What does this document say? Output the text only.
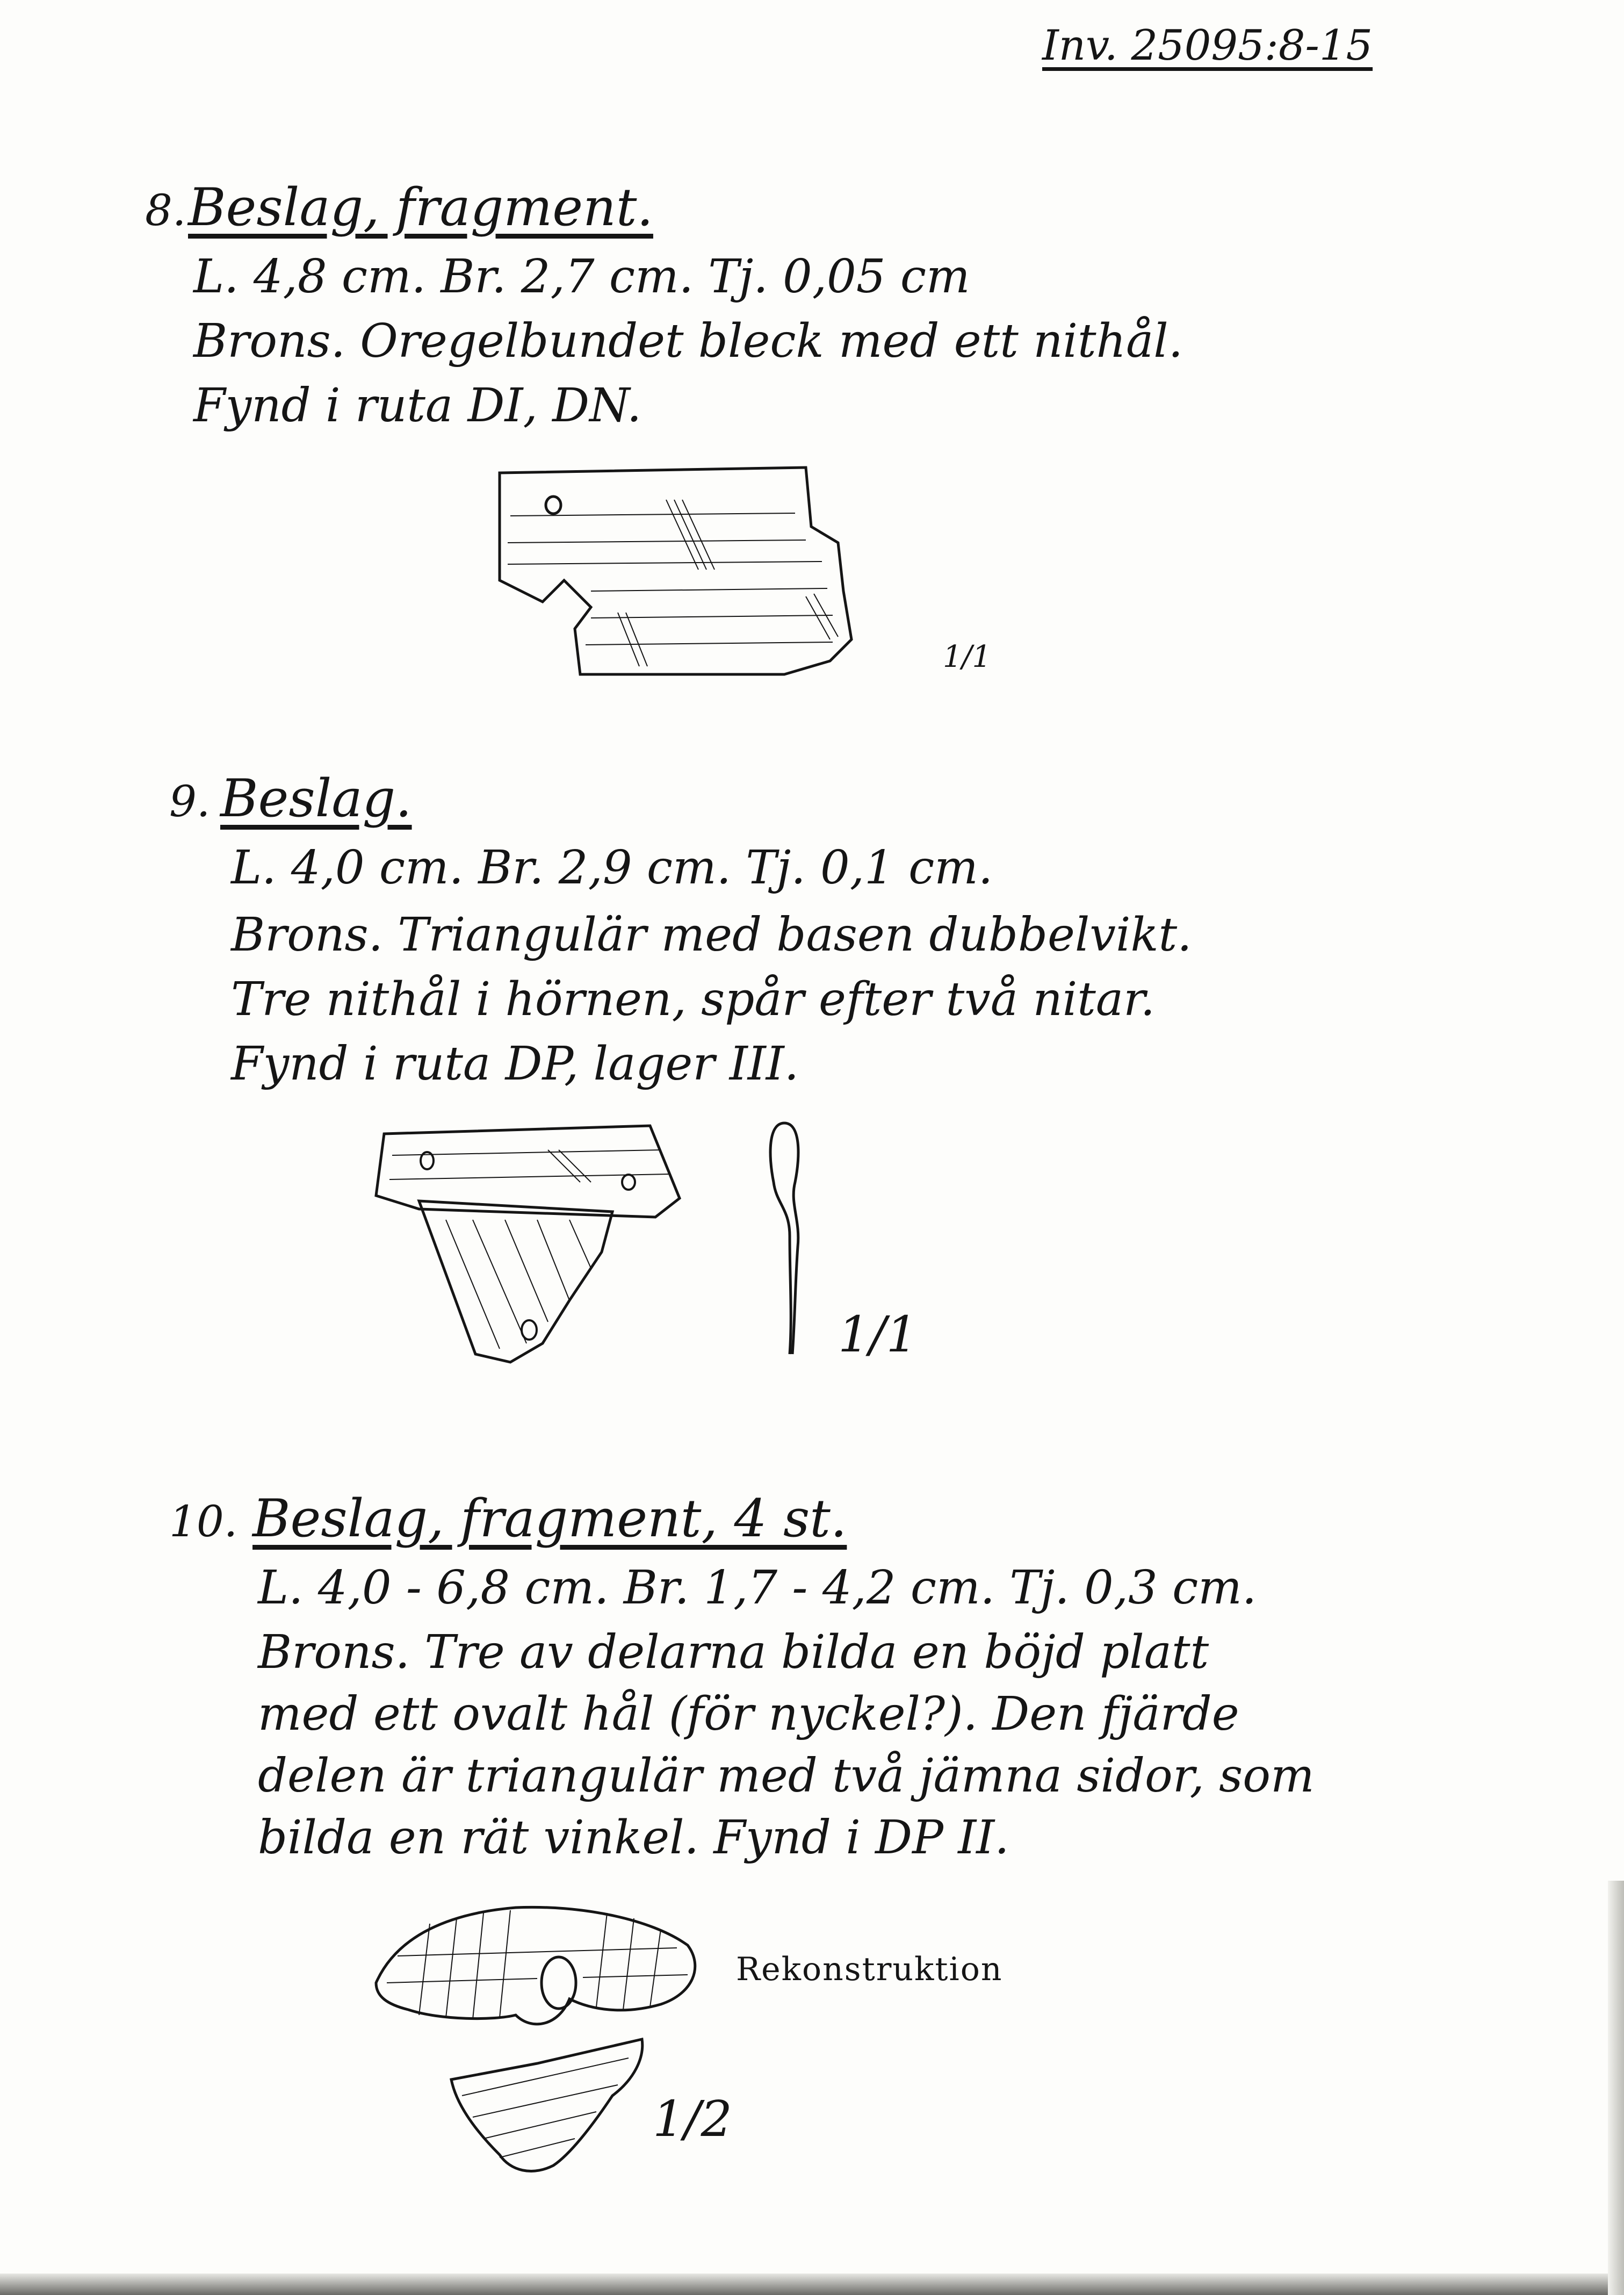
Inv. 25095:8-15
8. Beslag, fragment.
L. 4,8 cm. Br. 2,7 cm. Tj. 0,05 cm
Brons. Oregelbundet bleck med ett nithål.
Fynd i ruta DI, DN.
1/1
9. Beslag.
L. 4,0 cm. Br. 2,9 cm. Tj. 0,1 cm.
Brons. Triangulär med basen dubbelvikt.
Tre nithål i hörnen, spår efter två nitar.
Fynd i ruta DP, lager III.
1/1
10. Beslag, fragment, 4 st.
L. 4,0 - 6,8 cm. Br. 1,7 - 4,2 cm. Tj. 0,3 cm.
Brons. Tre av delarna bilda en böjd platt
med ett ovalt hål (för nyckel?). Den fjärde
delen är triangulär med två jämna sidor, som
bilda en rät vinkel. Fynd i DP II.
Rekonstruktion
1/2
